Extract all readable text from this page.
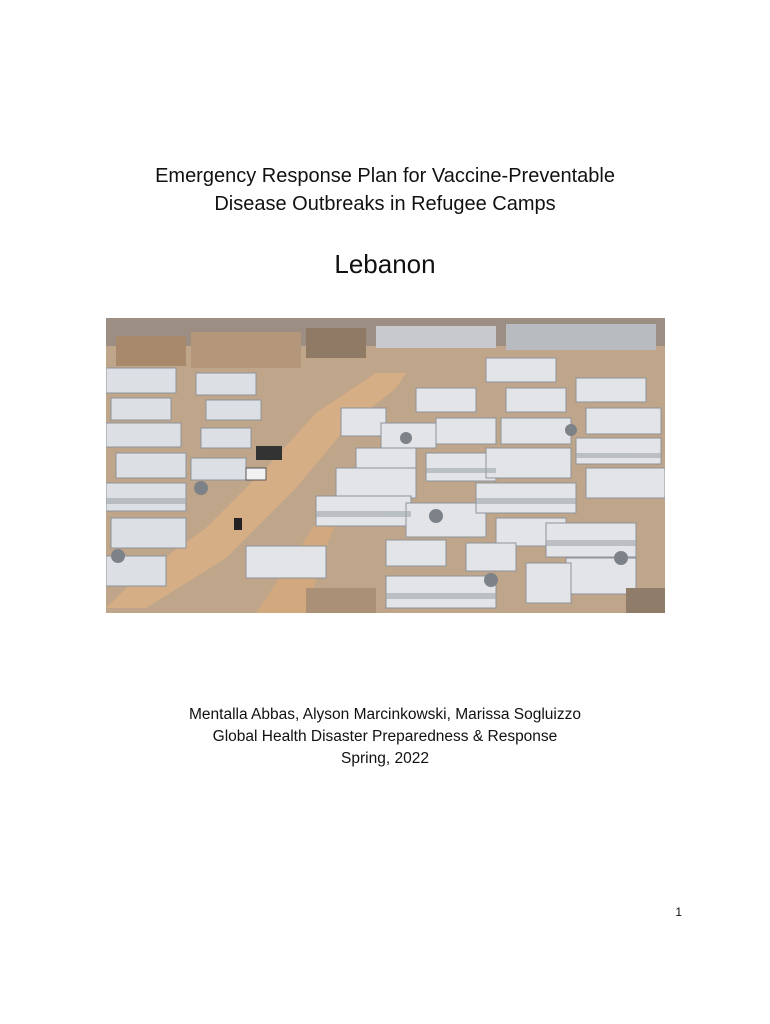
Emergency Response Plan for Vaccine-Preventable
Disease Outbreaks in Refugee Camps
Lebanon
Mentalla Abbas, Alyson Marcinkowski, Marissa Sogluizzo
Global Health Disaster Preparedness & Response
Spring, 2022
1
